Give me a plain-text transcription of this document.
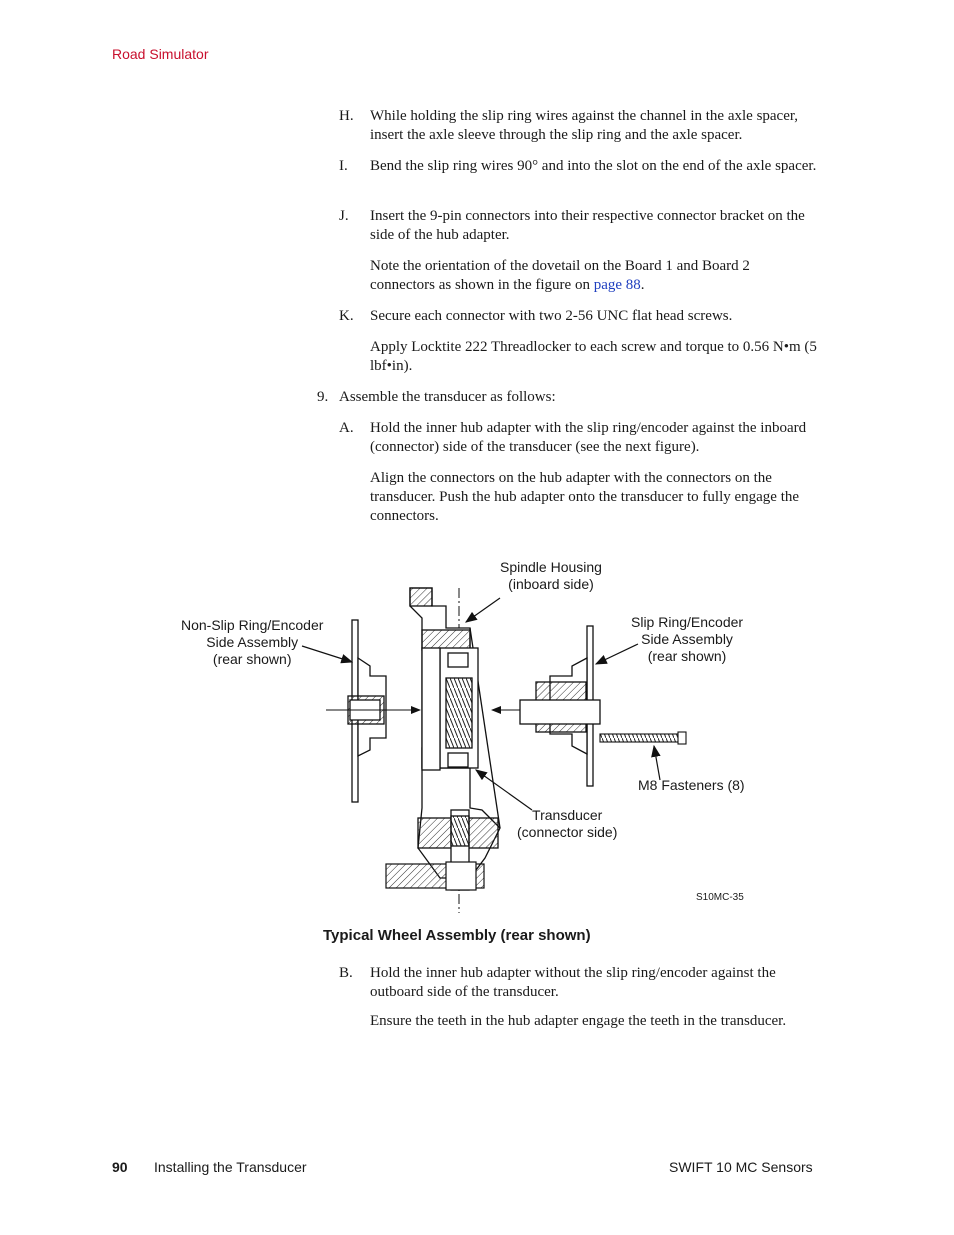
Road Simulator
H. While holding the slip ring wires against the channel in the axle spacer, insert the axle sleeve through the slip ring and the axle spacer.
I. Bend the slip ring wires 90° and into the slot on the end of the axle spacer.
J. Insert the 9-pin connectors into their respective connector bracket on the side of the hub adapter.
Note the orientation of the dovetail on the Board 1 and Board 2 connectors as shown in the figure on page 88.
K. Secure each connector with two 2-56 UNC flat head screws.
Apply Locktite 222 Threadlocker to each screw and torque to 0.56 N•m (5 lbf•in).
9. Assemble the transducer as follows:
A. Hold the inner hub adapter with the slip ring/encoder against the inboard (connector) side of the transducer (see the next figure).
Align the connectors on the hub adapter with the connectors on the transducer. Push the hub adapter onto the transducer to fully engage the connectors.
Spindle Housing
(inboard side)
Non-Slip Ring/Encoder
Side Assembly
(rear shown)
Slip Ring/Encoder
Side Assembly
(rear shown)
M8 Fasteners (8)
Transducer
(connector side)
S10MC-35
Typical Wheel Assembly (rear shown)
B. Hold the inner hub adapter without the slip ring/encoder against the outboard side of the transducer.
Ensure the teeth in the hub adapter engage the teeth in the transducer.
90 Installing the Transducer	SWIFT 10 MC Sensors
